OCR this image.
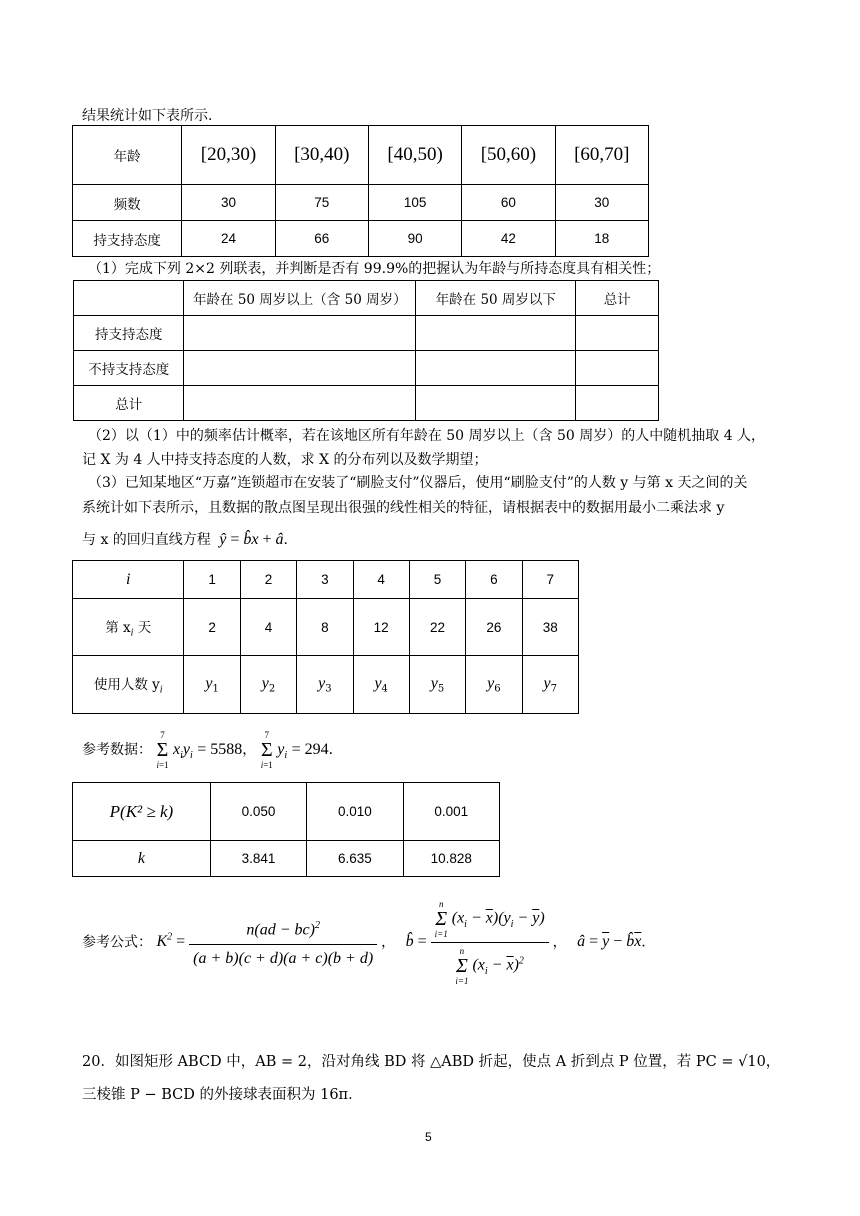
结果统计如下表所示.
年龄	[20,30)	[30,40)	[40,50)	[50,60)	[60,70]
频数	30	75	105	60	30
持支持态度	24	66	90	42	18
（1）完成下列 2×2 列联表，并判断是否有 99.9%的把握认为年龄与所持态度具有相关性；
	年龄在 50 周岁以上（含 50 周岁）	年龄在 50 周岁以下	总计
持支持态度			
不持支持态度			
总计			
（2）以（1）中的频率估计概率，若在该地区所有年龄在 50 周岁以上（含 50 周岁）的人中随机抽取 4 人，
记 X 为 4 人中持支持态度的人数，求 X 的分布列以及数学期望；
（3）已知某地区“万嘉”连锁超市在安装了“刷脸支付”仪器后，使用“刷脸支付”的人数 y 与第 x 天之间的关
系统计如下表所示，且数据的散点图呈现出很强的线性相关的特征，请根据表中的数据用最小二乘法求 y
与 x 的回归直线方程 ŷ = b̂x + â．
i	1	2	3	4	5	6	7
第 $x_i$ 天	2	4	8	12	22	26	38
使用人数 $y_i$	$y_1$	$y_2$	$y_3$	$y_4$	$y_5$	$y_6$	$y_7$
参考数据：
7
Σ
i=1
$x_iy_i = 5588$，
7
Σ
i=1
$y_i = 294$．
P(K² ≥ k)	0.050	0.010	0.001
k	3.841	6.635	10.828
参考公式： $K^2 = \frac{n(ad - bc)^2}{(a + b)(c + d)(a + c)(b + d)}$ ， b̂ = n
Σ
i=1
$(x_i - \overline{x})(y_i - \overline{y})$
n
Σ
i=1
$(x_i - \overline{x})^2$ ， â = $\overline{y}$ − $b̂\overline{x}$．
20．如图矩形 ABCD 中，AB = 2，沿对角线 BD 将 △ABD 折起，使点 A 折到点 P 位置，若 PC = √10，
三棱锥 P − BCD 的外接球表面积为 16π．
5
